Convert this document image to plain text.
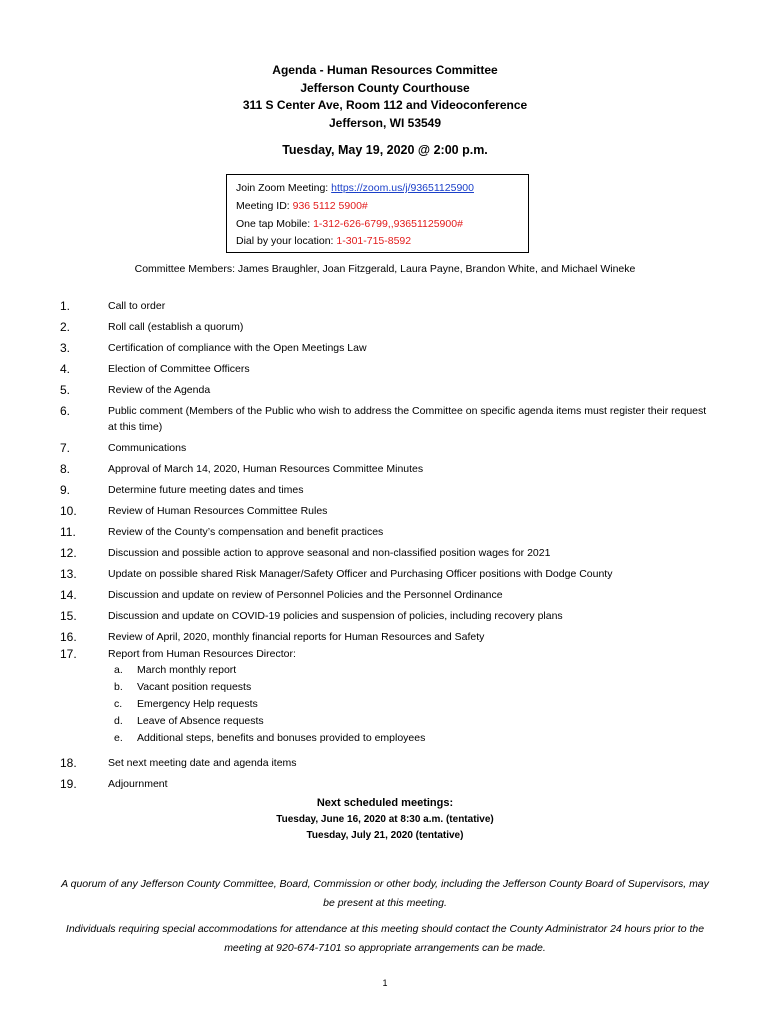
Agenda - Human Resources Committee
Jefferson County Courthouse
311 S Center Ave, Room 112 and Videoconference
Jefferson, WI 53549
Tuesday, May 19, 2020 @ 2:00 p.m.
Join Zoom Meeting: https://zoom.us/j/93651125900
Meeting ID: 936 5112 5900#
One tap Mobile: 1-312-626-6799,,93651125900#
Dial by your location: 1-301-715-8592
Committee Members: James Braughler, Joan Fitzgerald, Laura Payne, Brandon White, and Michael Wineke
1.	Call to order
2.	Roll call (establish a quorum)
3.	Certification of compliance with the Open Meetings Law
4.	Election of Committee Officers
5.	Review of the Agenda
6.	Public comment (Members of the Public who wish to address the Committee on specific agenda items must register their request at this time)
7.	Communications
8.	Approval of March 14, 2020, Human Resources Committee Minutes
9.	Determine future meeting dates and times
10.	Review of Human Resources Committee Rules
11.	Review of the County’s compensation and benefit practices
12.	Discussion and possible action to approve seasonal and non-classified position wages for 2021
13.	Update on possible shared Risk Manager/Safety Officer and Purchasing Officer positions with Dodge County
14.	Discussion and update on review of Personnel Policies and the Personnel Ordinance
15.	Discussion and update on COVID-19 policies and suspension of policies, including recovery plans
16.	Review of April, 2020, monthly financial reports for Human Resources and Safety
17.	Report from Human Resources Director:
a. March monthly report
b. Vacant position requests
c. Emergency Help requests
d. Leave of Absence requests
e. Additional steps, benefits and bonuses provided to employees
18.	Set next meeting date and agenda items
19.	Adjournment
Next scheduled meetings:
Tuesday, June 16, 2020 at 8:30 a.m. (tentative)
Tuesday, July 21, 2020 (tentative)
A quorum of any Jefferson County Committee, Board, Commission or other body, including the Jefferson County Board of Supervisors, may be present at this meeting.
Individuals requiring special accommodations for attendance at this meeting should contact the County Administrator 24 hours prior to the meeting at 920-674-7101 so appropriate arrangements can be made.
1
